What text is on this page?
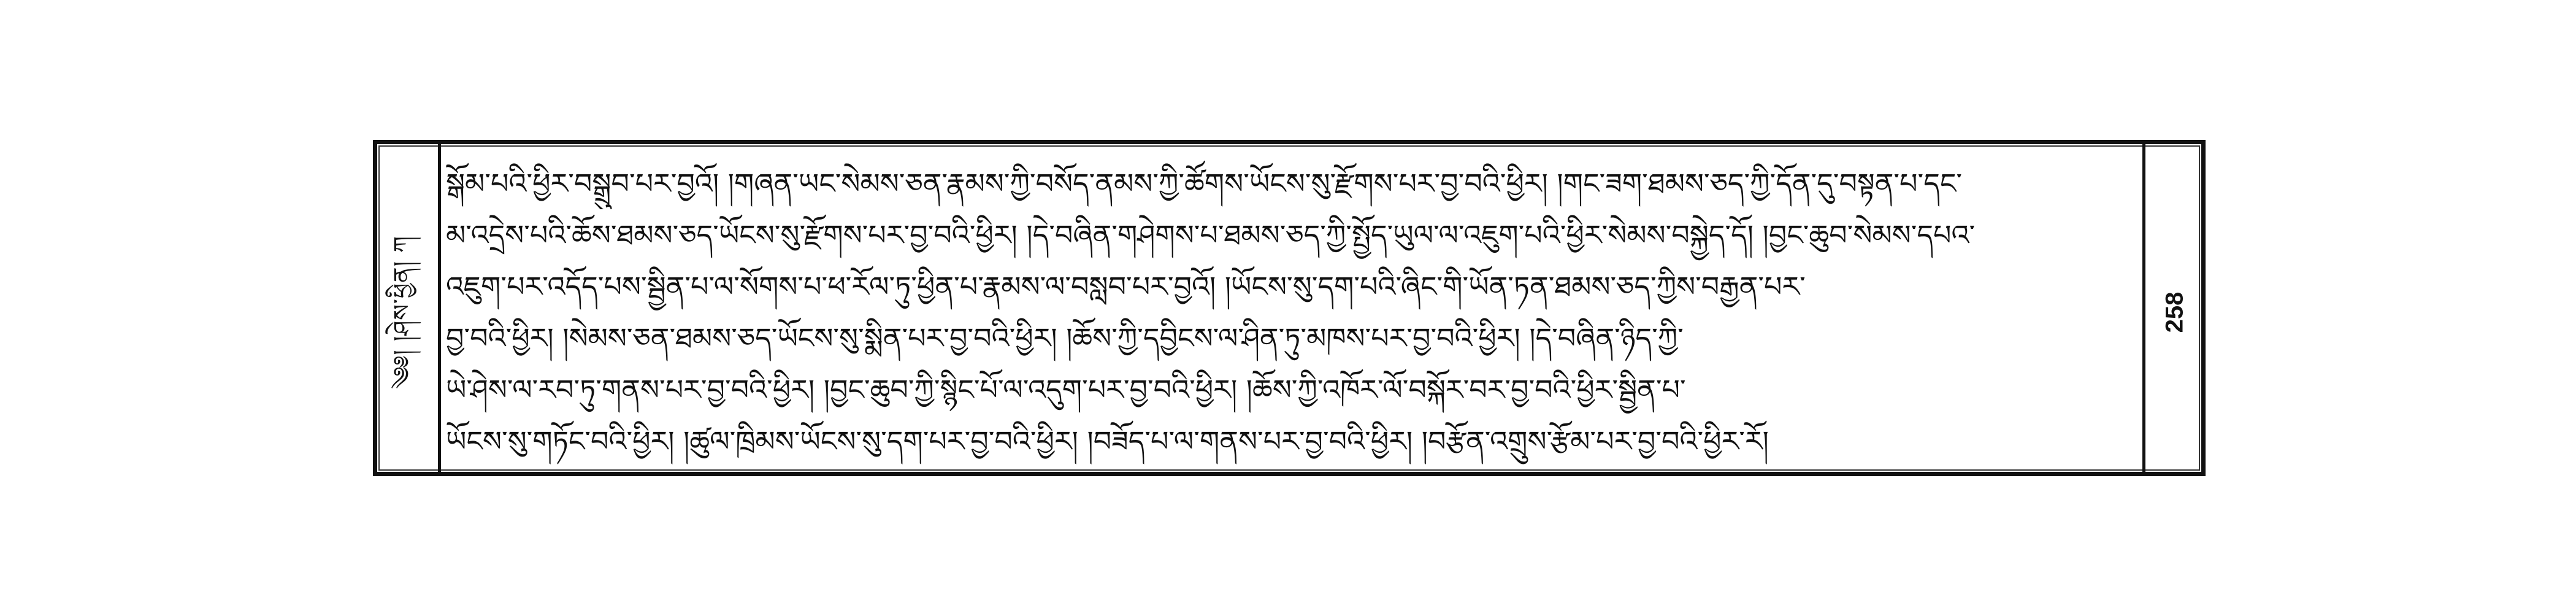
༄༅། །ཤེས་ཕྱིན། ཀ
སྒོམ་པའི་ཕྱིར་བསྒྲུབ་པར་བྱའོ། །གཞན་ཡང་སེམས་ཅན་རྣམས་ཀྱི་བསོད་ནམས་ཀྱི་ཚོགས་ཡོངས་སུ་རྫོགས་པར་བྱ་བའི་ཕྱིར། །གང་ཟག་ཐམས་ཅད་ཀྱི་དོན་དུ་བསྟན་པ་དང་
མ་འདྲེས་པའི་ཆོས་ཐམས་ཅད་ཡོངས་སུ་རྫོགས་པར་བྱ་བའི་ཕྱིར། །དེ་བཞིན་གཤེགས་པ་ཐམས་ཅད་ཀྱི་སྤྱོད་ཡུལ་ལ་འཇུག་པའི་ཕྱིར་སེམས་བསྐྱེད་དོ། །བྱང་ཆུབ་སེམས་དཔའ་
འཇུག་པར་འདོད་པས་སྦྱིན་པ་ལ་སོགས་པ་ཕ་རོལ་ཏུ་ཕྱིན་པ་རྣམས་ལ་བསླབ་པར་བྱའོ། །ཡོངས་སུ་དག་པའི་ཞིང་གི་ཡོན་ཏན་ཐམས་ཅད་ཀྱིས་བརྒྱན་པར་
བྱ་བའི་ཕྱིར། །སེམས་ཅན་ཐམས་ཅད་ཡོངས་སུ་སྨིན་པར་བྱ་བའི་ཕྱིར། །ཆོས་ཀྱི་དབྱིངས་ལ་ཤིན་ཏུ་མཁས་པར་བྱ་བའི་ཕྱིར། །དེ་བཞིན་ཉིད་ཀྱི་
ཡེ་ཤེས་ལ་རབ་ཏུ་གནས་པར་བྱ་བའི་ཕྱིར། །བྱང་ཆུབ་ཀྱི་སྙིང་པོ་ལ་འདུག་པར་བྱ་བའི་ཕྱིར། །ཆོས་ཀྱི་འཁོར་ལོ་བསྐོར་བར་བྱ་བའི་ཕྱིར་སྦྱིན་པ་
ཡོངས་སུ་གཏོང་བའི་ཕྱིར། །ཚུལ་ཁྲིམས་ཡོངས་སུ་དག་པར་བྱ་བའི་ཕྱིར། །བཟོད་པ་ལ་གནས་པར་བྱ་བའི་ཕྱིར། །བརྩོན་འགྲུས་རྩོམ་པར་བྱ་བའི་ཕྱིར་རོ།
258
